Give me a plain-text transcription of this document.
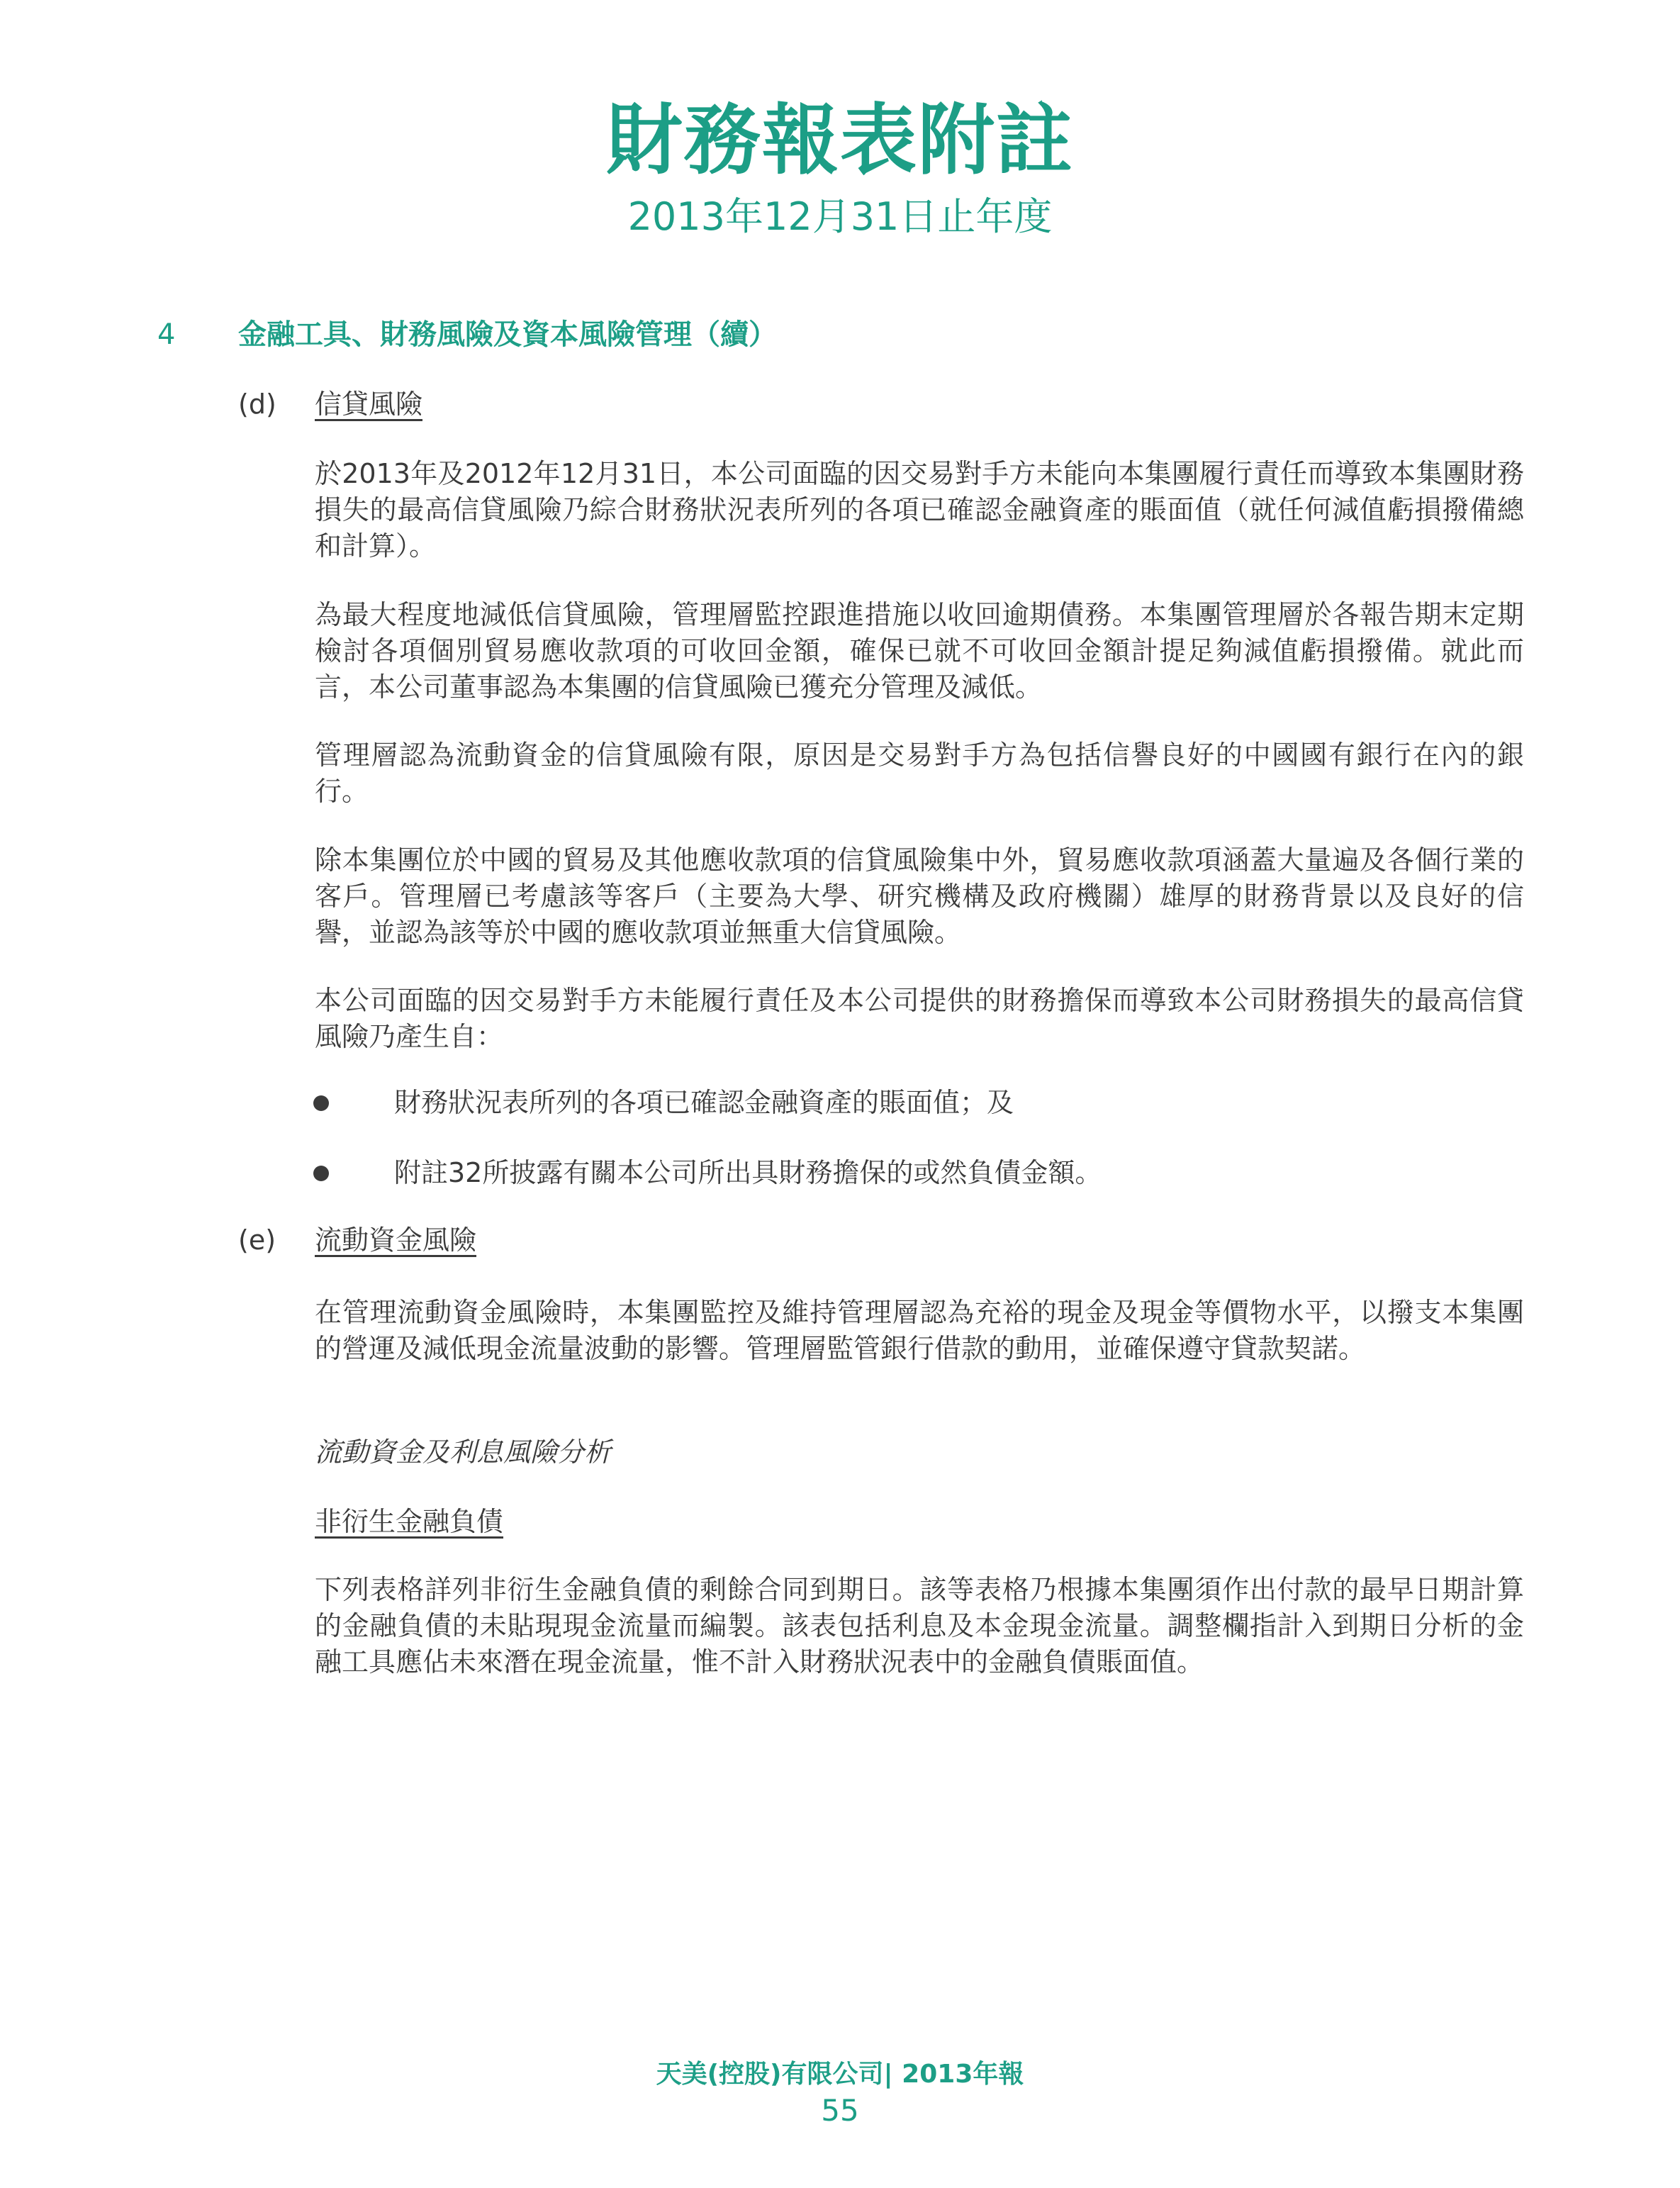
財務報表附註
2013年12月31日止年度
4 金融工具、財務風險及資本風險管理（續）
(d) 信貸風險

於2013年及2012年12月31日，本公司面臨的因交易對手方未能向本集團履行責任而導致本集團財務損失的最高信貸風險乃綜合財務狀況表所列的各項已確認金融資產的賬面值（就任何減值虧損撥備總和計算）。

為最大程度地減低信貸風險，管理層監控跟進措施以收回逾期債務。本集團管理層於各報告期末定期檢討各項個別貿易應收款項的可收回金額，確保已就不可收回金額計提足夠減值虧損撥備。就此而言，本公司董事認為本集團的信貸風險已獲充分管理及減低。

管理層認為流動資金的信貸風險有限，原因是交易對手方為包括信譽良好的中國國有銀行在內的銀行。

除本集團位於中國的貿易及其他應收款項的信貸風險集中外，貿易應收款項涵蓋大量遍及各個行業的客戶。管理層已考慮該等客戶（主要為大學、研究機構及政府機關）雄厚的財務背景以及良好的信譽，並認為該等於中國的應收款項並無重大信貸風險。

本公司面臨的因交易對手方未能履行責任及本公司提供的財務擔保而導致本公司財務損失的最高信貸風險乃產生自：

財務狀況表所列的各項已確認金融資產的賬面值；及
附註32所披露有關本公司所出具財務擔保的或然負債金額。
(e) 流動資金風險

在管理流動資金風險時，本集團監控及維持管理層認為充裕的現金及現金等價物水平，以撥支本集團的營運及減低現金流量波動的影響。管理層監管銀行借款的動用，並確保遵守貸款契諾。

流動資金及利息風險分析
非衍生金融負債

下列表格詳列非衍生金融負債的剩餘合同到期日。該等表格乃根據本集團須作出付款的最早日期計算的金融負債的未貼現現金流量而編製。該表包括利息及本金現金流量。調整欄指計入到期日分析的金融工具應佔未來潛在現金流量，惟不計入財務狀況表中的金融負債賬面值。

天美(控股)有限公司| 2013年報
55
